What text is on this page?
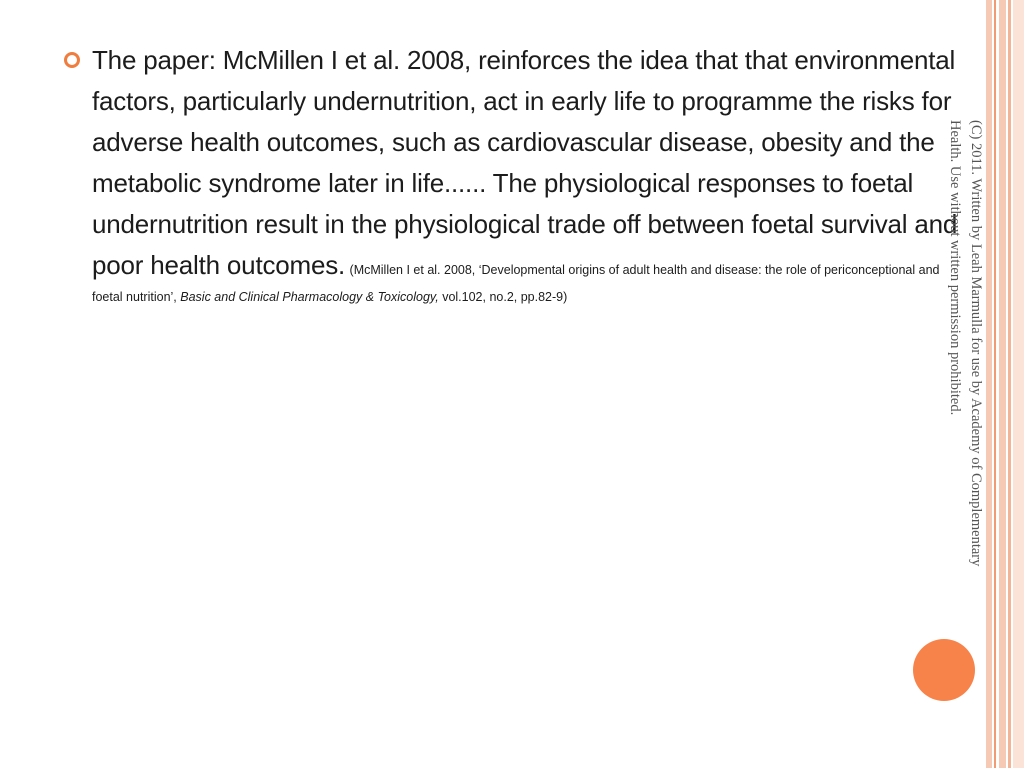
The paper: McMillen I et al. 2008, reinforces the idea that that environmental factors, particularly undernutrition, act in early life to programme the risks for adverse health outcomes, such as cardiovascular disease, obesity and the metabolic syndrome later in life...... The physiological responses to foetal undernutrition result in the physiological trade off between foetal survival and poor health outcomes. (McMillen I et al. 2008, ‘Developmental origins of adult health and disease: the role of periconceptional and foetal nutrition’, Basic and Clinical Pharmacology & Toxicology, vol.102, no.2, pp.82-9)	(C) 2011. Written by Leah Marmulla for use by Academy of Complementary
Health. Use without written permission prohibited.
